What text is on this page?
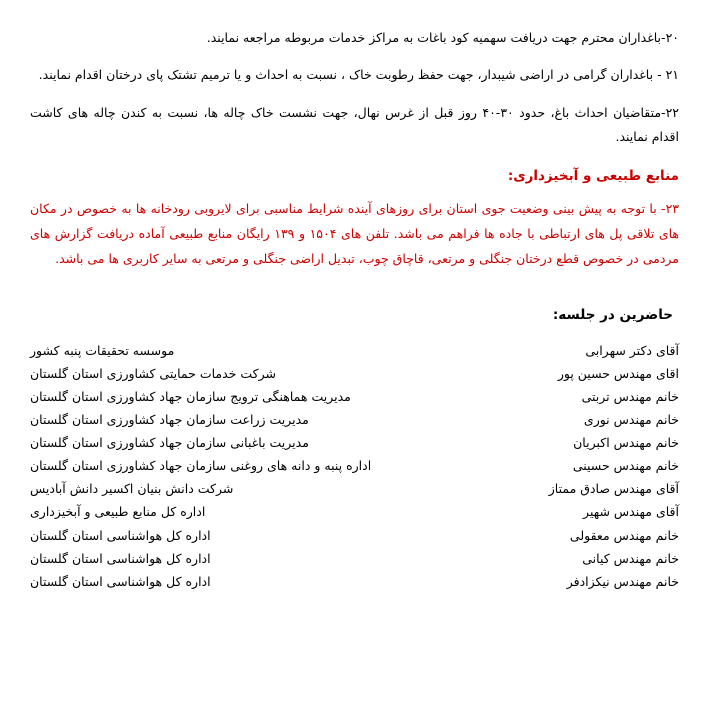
۲۰-باغداران محترم جهت دریافت سهمیه کود باغات به مراکز خدمات مربوطه مراجعه نمایند.

۲۱ - باغداران گرامی در اراضی شیبدار، جهت حفظ رطوبت خاک ، نسبت به احداث و یا ترمیم تشتک پای درختان اقدام نمایند.

۲۲-متقاضیان احداث باغ، حدود ۳۰-۴۰ روز قبل از غرس نهال، جهت نشست خاک چاله ها، نسبت به کندن چاله های کاشت اقدام نمایند.

منابع طبیعی و آبخیزداری:

۲۳- با توجه به پیش بینی وضعیت جوی استان برای روزهای آینده شرایط مناسبی برای لایروبی رودخانه ها به خصوص در مکان های تلاقی پل های ارتباطی با جاده ها فراهم می باشد. تلفن های ۱۵۰۴ و ۱۳۹ رایگان منابع طبیعی آماده دریافت گزارش های مردمی در خصوص قطع درختان جنگلی و مرتعی، قاچاق چوب، تبدیل اراضی جنگلی و مرتعی به سایر کاربری ها می باشد.

حاضرین در جلسه:
آقای دکتر سهرابی	موسسه تحقیقات پنبه کشور
اقای مهندس حسین پور	شرکت خدمات حمایتی کشاورزی استان گلستان
خانم مهندس تربتی	مدیریت هماهنگی ترویج سازمان جهاد کشاورزی استان گلستان
خانم مهندس نوری	مدیریت زراعت سازمان جهاد کشاورزی استان گلستان
خانم مهندس اکبریان	مدیریت باغبانی سازمان جهاد کشاورزی استان گلستان
خانم مهندس حسینی	اداره پنبه و دانه های روغنی سازمان جهاد کشاورزی استان گلستان
آقای مهندس صادق ممتاز	شرکت دانش بنیان اکسیر دانش آبادیس
آقای مهندس شهیر	اداره کل منابع طبیعی و آبخیزداری
خانم مهندس معقولی	اداره کل هواشناسی استان گلستان
خانم مهندس کیانی	اداره کل هواشناسی استان گلستان
خانم مهندس نیکزادفر	اداره کل هواشناسی استان گلستان
